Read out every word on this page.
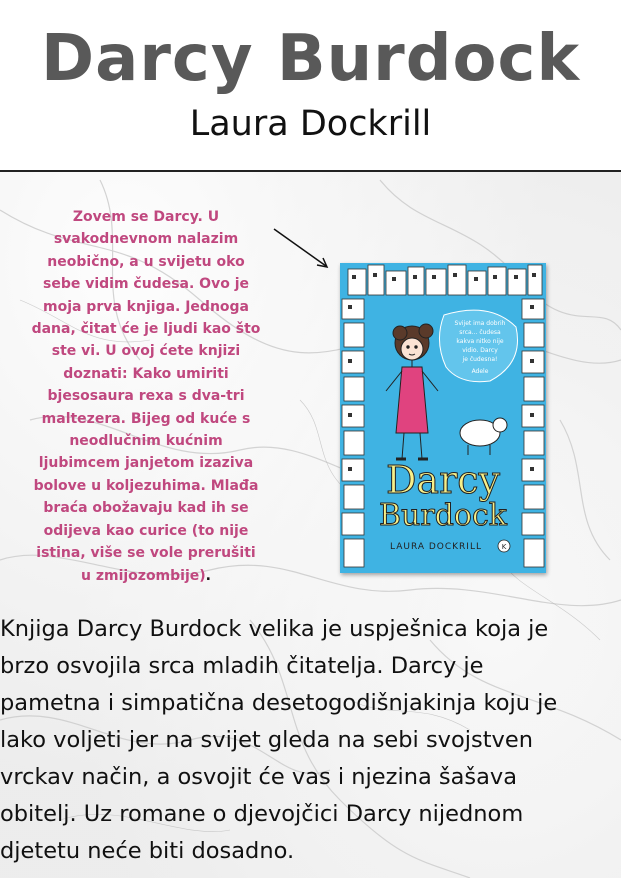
Darcy Burdock
Laura Dockrill
Zovem se Darcy. U svakodnevnom nalazim neobično, a u svijetu oko sebe vidim čudesa. Ovo je moja prva knjiga. Jednoga dana, čitat će je ljudi kao što ste vi. U ovoj ćete knjizi doznati: Kako umiriti bjesosaura rexa s dva-tri maltezera. Bijeg od kuće s neodlučnim kućnim ljubimcem janjetom izaziva bolove u koljezuhima. Mlađa braća obožavaju kad ih se odijeva kao curice (to nije istina, više se vole prerušiti u zmijozombije).
Svijet ima dobrih
srca... čudesa
kakva nitko nije
vidio. Darcy
je čudesna!
Adele
Darcy
Burdock
LAURA DOCKRILL	K
Knjiga Darcy Burdock velika je uspješnica koja je
brzo osvojila srca mladih čitatelja. Darcy je
pametna i simpatična desetogodišnjakinja koju je
lako voljeti jer na svijet gleda na sebi svojstven
vrckav način, a osvojit će vas i njezina šašava
obitelj. Uz romane o djevojčici Darcy nijednom
djetetu neće biti dosadno.
